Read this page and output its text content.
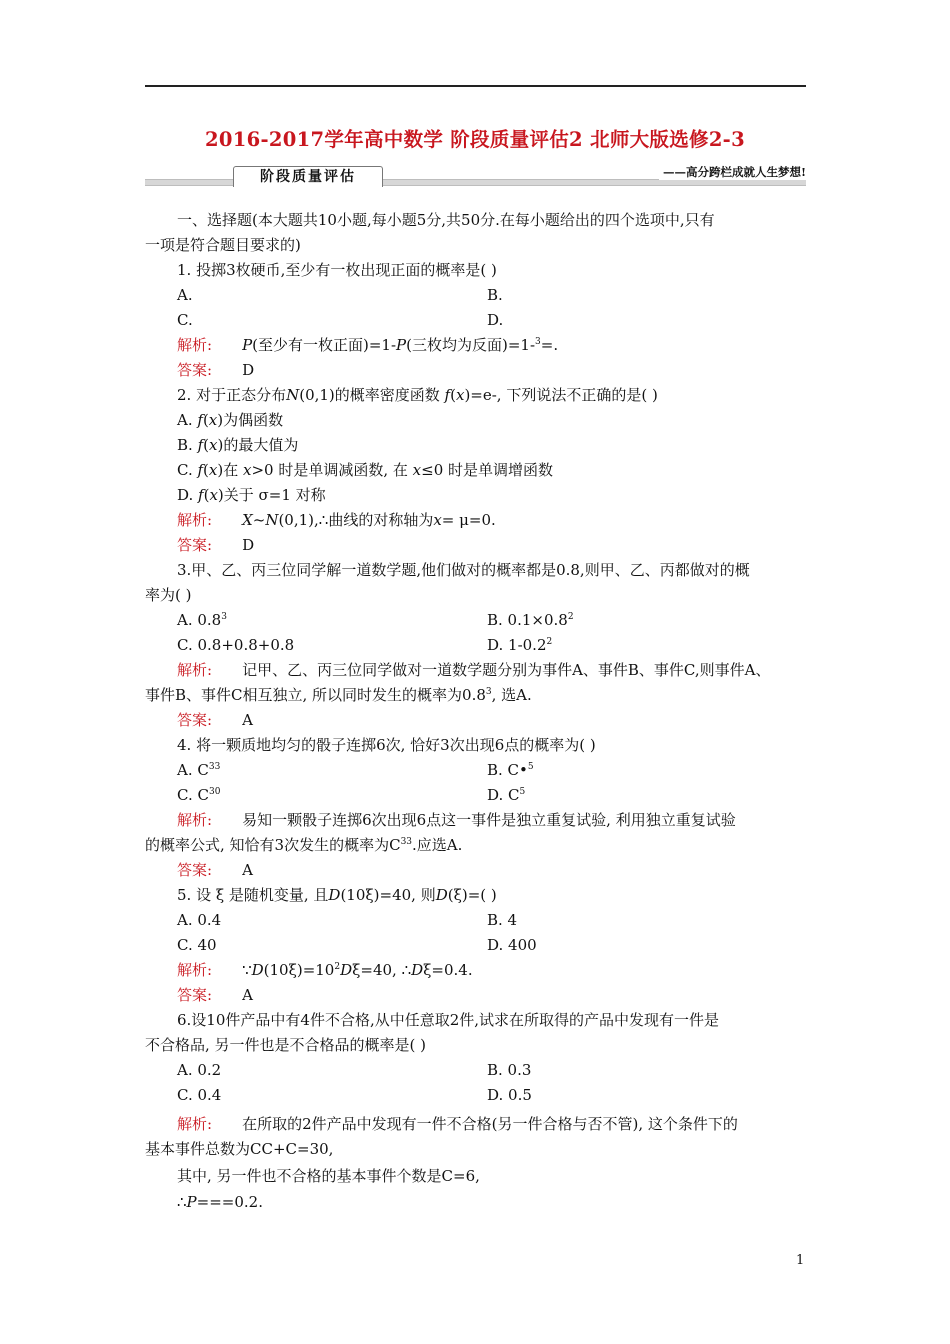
2016-2017学年高中数学 阶段质量评估2 北师大版选修2-3
阶段质量评估	——高分跨栏成就人生梦想!
一、选择题(本大题共10小题,每小题5分,共50分.在每小题给出的四个选项中,只有
一项是符合题目要求的)
1. 投掷3枚硬币,至少有一枚出现正面的概率是( )
A.	B.
C.	D.
解析: P(至少有一枚正面)=1-P(三枚均为反面)=1-$^3$=.
答案: D
2. 对于正态分布N(0,1)的概率密度函数 f(x)=e-, 下列说法不正确的是( )
A. f(x)为偶函数
B. f(x)的最大值为
C. f(x)在 x>0 时是单调减函数, 在 x≤0 时是单调增函数
D. f(x)关于 σ=1 对称
解析: X~N(0,1),∴曲线的对称轴为x= μ=0.
答案: D
3.甲、乙、丙三位同学解一道数学题,他们做对的概率都是0.8,则甲、乙、丙都做对的概
率为( )
A. $0.8^3$	B. $0.1\times 0.8^2$
C. 0.8+0.8+0.8	D. $1-0.2^2$
解析: 记甲、乙、丙三位同学做对一道数学题分别为事件A、事件B、事件C,则事件A、
事件B、事件C相互独立, 所以同时发生的概率为$0.8^3$, 选A.
答案: A
4. 将一颗质地均匀的骰子连掷6次, 恰好3次出现6点的概率为( )
A. $C^{33}$	B. C•$^5$
C. $C^{30}$	D. $C^5$
解析: 易知一颗骰子连掷6次出现6点这一事件是独立重复试验, 利用独立重复试验
的概率公式, 知恰有3次发生的概率为$C^{33}$.应选A.
答案: A
5. 设 ξ 是随机变量, 且D(10ξ)=40, 则D(ξ)=( )
A. 0.4	B. 4
C. 40	D. 400
解析: $\because D(10\xi)=10^2D\xi=40$, ∴Dξ=0.4.
答案: A
6.设10件产品中有4件不合格,从中任意取2件,试求在所取得的产品中发现有一件是
不合格品, 另一件也是不合格品的概率是( )
A. 0.2	B. 0.3
C. 0.4	D. 0.5
解析: 在所取的2件产品中发现有一件不合格(另一件合格与否不管), 这个条件下的
基本事件总数为CC+C=30,
其中, 另一件也不合格的基本事件个数是C=6,
∴P===0.2.
1
